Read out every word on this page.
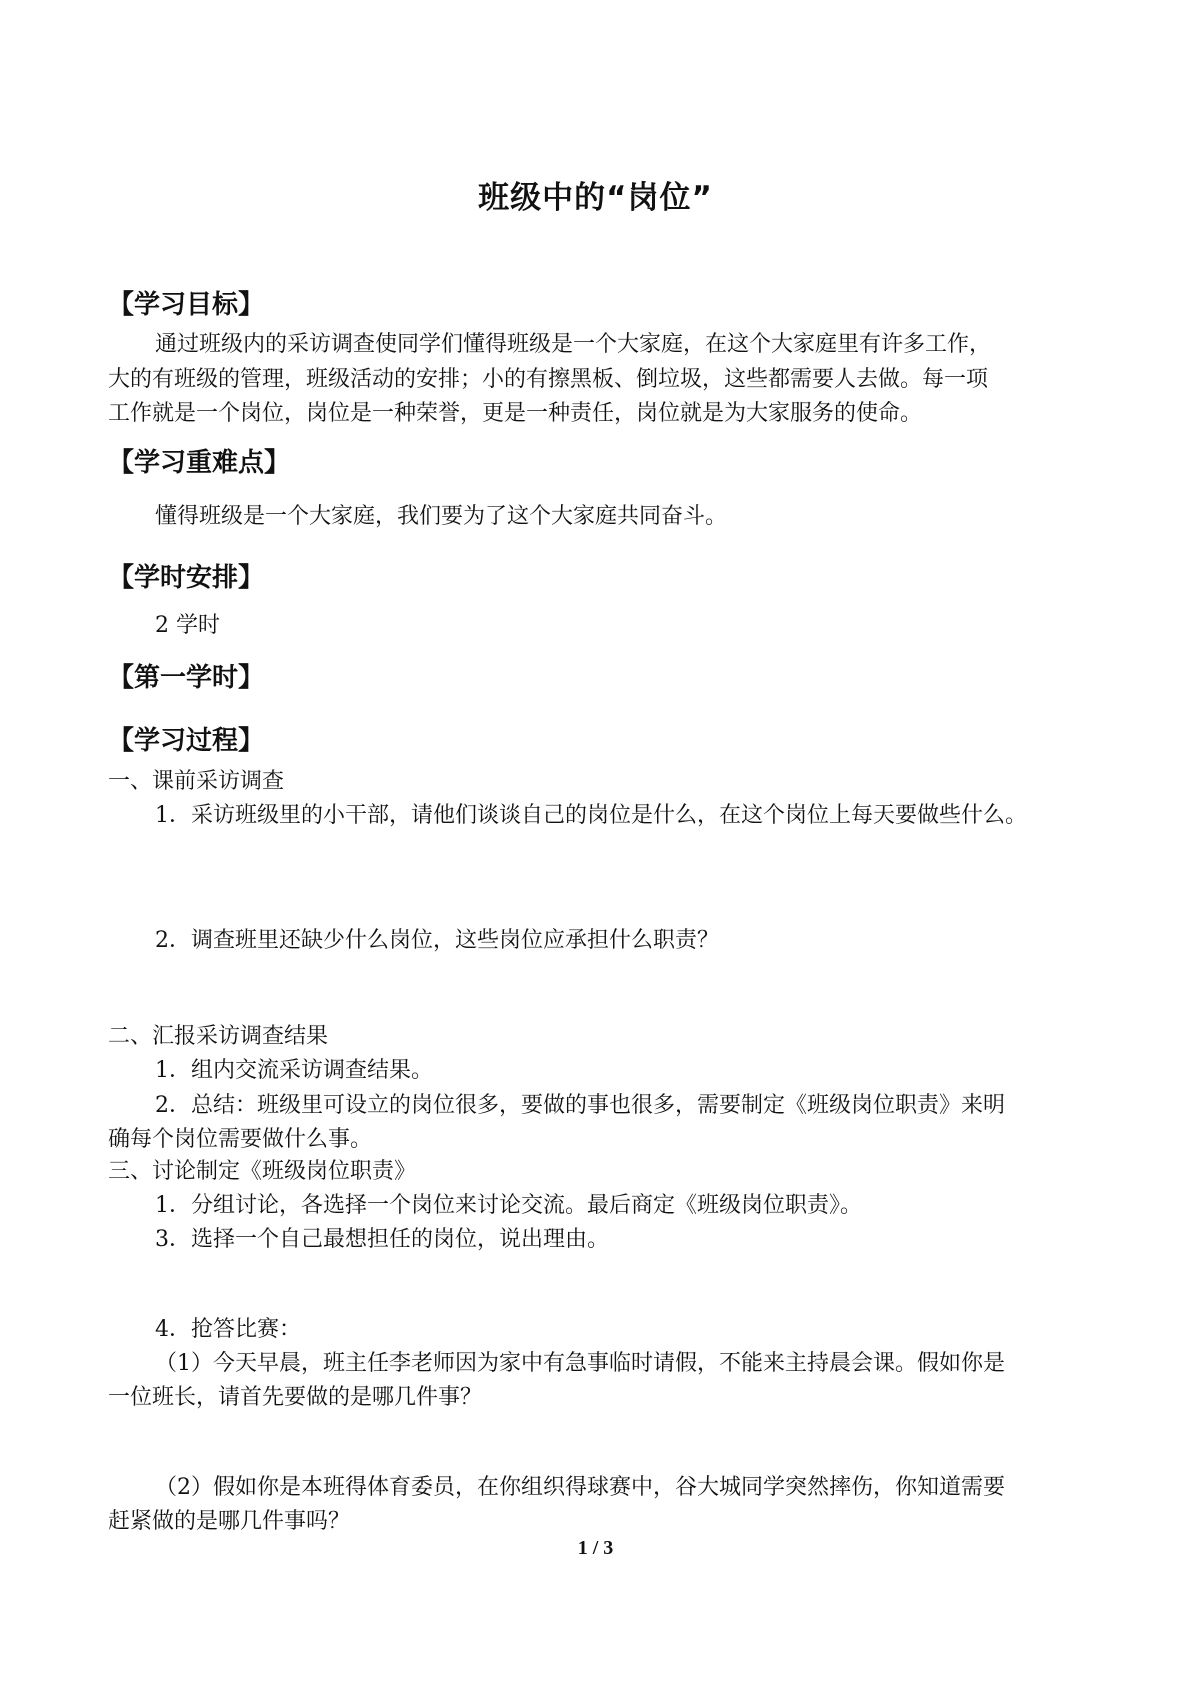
班级中的“岗位”
【学习目标】
通过班级内的采访调查使同学们懂得班级是一个大家庭，在这个大家庭里有许多工作，
大的有班级的管理，班级活动的安排；小的有擦黑板、倒垃圾，这些都需要人去做。每一项
工作就是一个岗位，岗位是一种荣誉，更是一种责任，岗位就是为大家服务的使命。
【学习重难点】
懂得班级是一个大家庭，我们要为了这个大家庭共同奋斗。
【学时安排】
2 学时
【第一学时】
【学习过程】
一、课前采访调查
1．采访班级里的小干部，请他们谈谈自己的岗位是什么，在这个岗位上每天要做些什么。
2．调查班里还缺少什么岗位，这些岗位应承担什么职责？
二、汇报采访调查结果
1．组内交流采访调查结果。
2．总结：班级里可设立的岗位很多，要做的事也很多，需要制定《班级岗位职责》来明
确每个岗位需要做什么事。
三、讨论制定《班级岗位职责》
1．分组讨论，各选择一个岗位来讨论交流。最后商定《班级岗位职责》。
3．选择一个自己最想担任的岗位，说出理由。
4．抢答比赛：
（1）今天早晨，班主任李老师因为家中有急事临时请假，不能来主持晨会课。假如你是
一位班长，请首先要做的是哪几件事？
（2）假如你是本班得体育委员，在你组织得球赛中，谷大城同学突然摔伤，你知道需要
赶紧做的是哪几件事吗？
1 / 3
